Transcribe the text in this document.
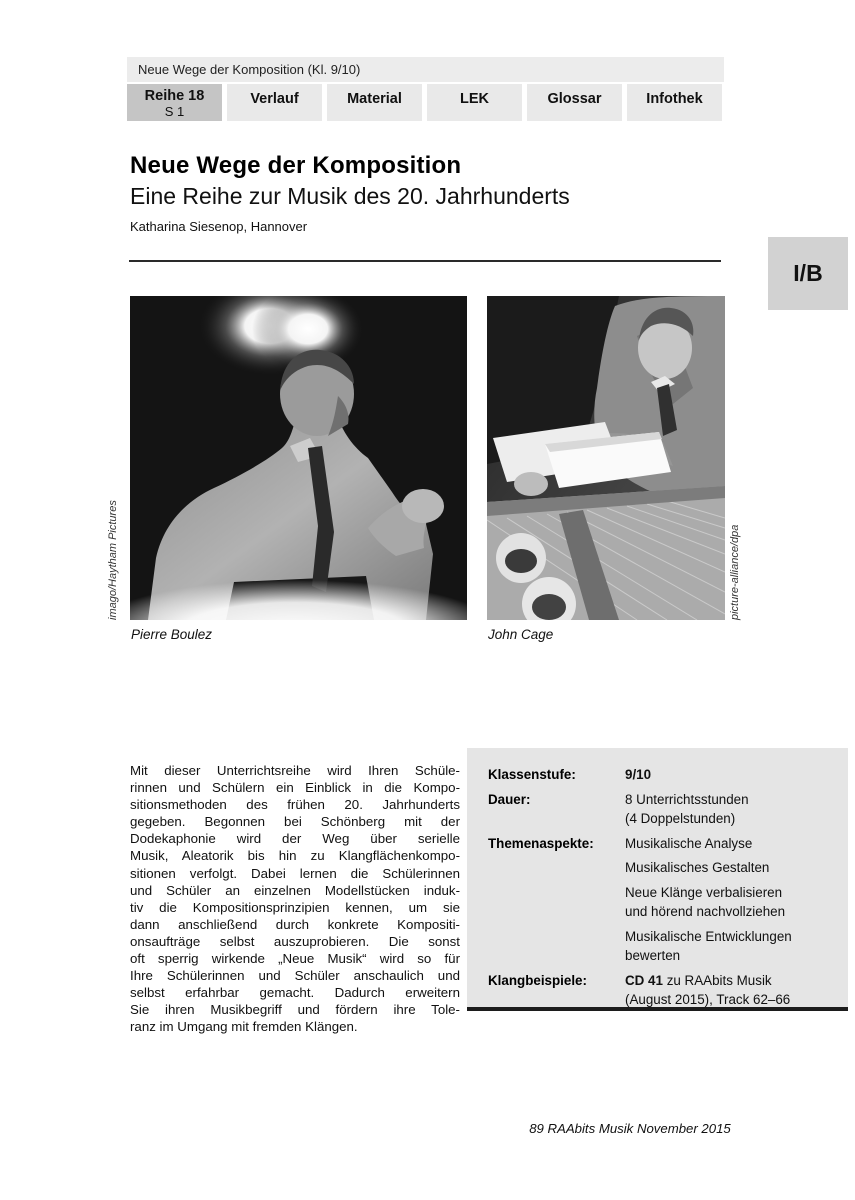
Neue Wege der Komposition (Kl. 9/10)
Reihe 18
S 1
Verlauf	Material	LEK	Glossar	Infothek
Neue Wege der Komposition
Eine Reihe zur Musik des 20. Jahrhunderts
Katharina Siesenop, Hannover
I/B
imago/Haytham Pictures	picture-alliance/dpa
Pierre Boulez	John Cage
Mit dieser Unterrichtsreihe wird Ihren Schüle-
rinnen und Schülern ein Einblick in die Kompo-
sitionsmethoden des frühen 20. Jahrhunderts
gegeben. Begonnen bei Schönberg mit der
Dodekaphonie wird der Weg über serielle
Musik, Aleatorik bis hin zu Klangflächenkompo-
sitionen verfolgt. Dabei lernen die Schülerinnen
und Schüler an einzelnen Modellstücken induk-
tiv die Kompositionsprinzipien kennen, um sie
dann anschließend durch konkrete Kompositi-
onsaufträge selbst auszuprobieren. Die sonst
oft sperrig wirkende „Neue Musik“ wird so für
Ihre Schülerinnen und Schüler anschaulich und
selbst erfahrbar gemacht. Dadurch erweitern
Sie ihren Musikbegriff und fördern ihre Tole-
ranz im Umgang mit fremden Klängen.
Klassenstufe:	9/10
Dauer:	8 Unterrichtsstunden
(4 Doppelstunden)
Themenaspekte:	Musikalische Analyse
Musikalisches Gestalten
Neue Klänge verbalisieren
und hörend nachvollziehen
Musikalische Entwicklungen
bewerten
Klangbeispiele:	CD 41 zu RAAbits Musik
(August 2015), Track 62–66
89 RAAbits Musik November 2015
